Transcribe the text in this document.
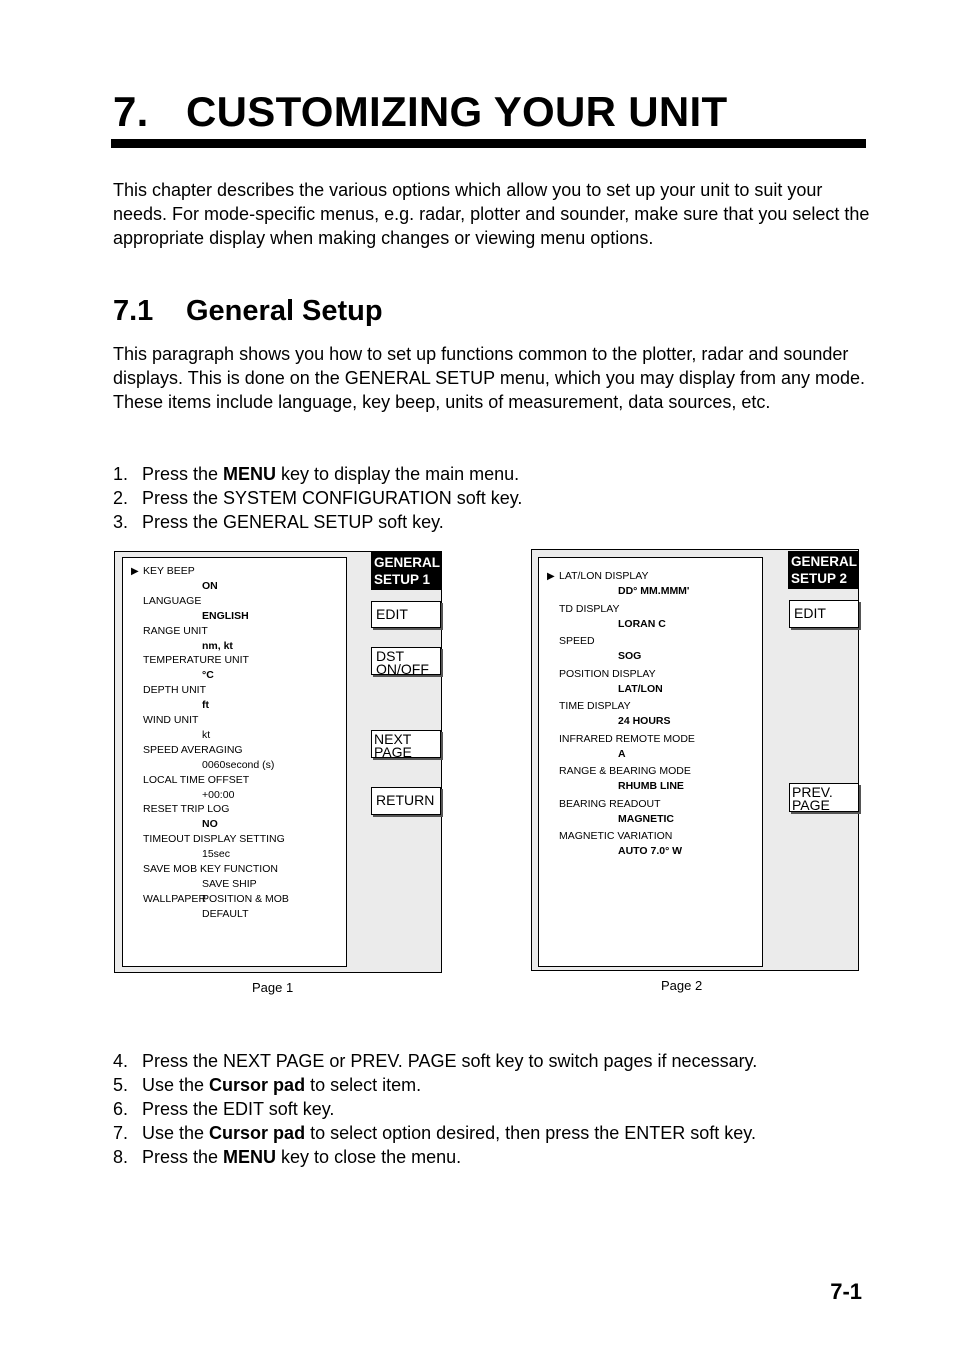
7. CUSTOMIZING YOUR UNIT
This chapter describes the various options which allow you to set up your unit to suit your needs. For mode-specific menus, e.g. radar, plotter and sounder, make sure that you select the appropriate display when making changes or viewing menu options.
7.1 General Setup
This paragraph shows you how to set up functions common to the plotter, radar and sounder displays. This is done on the GENERAL SETUP menu, which you may display from any mode. These items include language, key beep, units of measurement, data sources, etc.
1. Press the MENU key to display the main menu.
2. Press the SYSTEM CONFIGURATION soft key.
3. Press the GENERAL SETUP soft key.
▶ KEY BEEP
ON
LANGUAGE
ENGLISH
RANGE UNIT
nm, kt
TEMPERATURE UNIT
°C
DEPTH UNIT
ft
WIND UNIT
kt
SPEED AVERAGING
0060second (s)
LOCAL TIME OFFSET
+00:00
RESET TRIP LOG
NO
TIMEOUT DISPLAY SETTING
15sec
SAVE MOB KEY FUNCTION
SAVE SHIP
POSITION & MOB
WALLPAPER
DEFAULT
GENERAL
SETUP 1
EDIT
DST
ON/OFF
NEXT
PAGE
RETURN
Page 1
▶ LAT/LON DISPLAY
DD° MM.MMM'
TD DISPLAY
LORAN C
SPEED
SOG
POSITION DISPLAY
LAT/LON
TIME DISPLAY
24 HOURS
INFRARED REMOTE MODE
A
RANGE & BEARING MODE
RHUMB LINE
BEARING READOUT
MAGNETIC
MAGNETIC VARIATION
AUTO 7.0° W
GENERAL
SETUP 2
EDIT
PREV.
PAGE
Page 2
4. Press the NEXT PAGE or PREV. PAGE soft key to switch pages if necessary.
5. Use the Cursor pad to select item.
6. Press the EDIT soft key.
7. Use the Cursor pad to select option desired, then press the ENTER soft key.
8. Press the MENU key to close the menu.
7-1
